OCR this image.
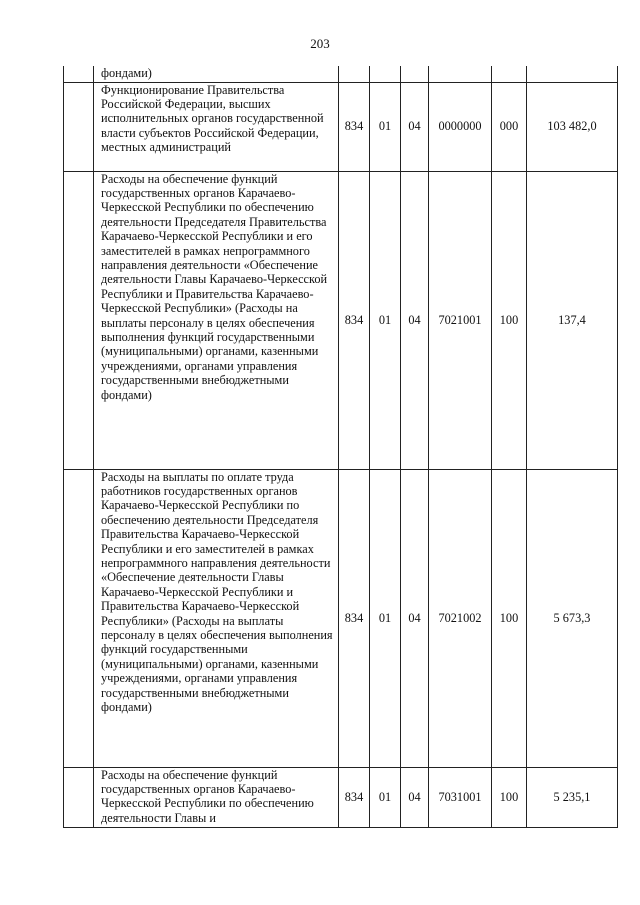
203
	фондами)						
	Функционирование Правительства Российской Федерации, высших исполнительных органов государственной власти субъектов Российской Федерации, местных администраций	834	01	04	0000000	000	103 482,0
	Расходы на обеспечение функций государственных органов Карачаево-Черкесской Республики по обеспечению деятельности Председателя Правительства Карачаево-Черкесской Республики и его заместителей в рамках непрограммного направления деятельности «Обеспечение деятельности Главы Карачаево-Черкесской Республики и Правительства Карачаево-Черкесской Республики» (Расходы на выплаты персоналу в целях обеспечения выполнения функций государственными (муниципальными) органами, казенными учреждениями, органами управления государственными внебюджетными фондами)	834	01	04	7021001	100	137,4
	Расходы на выплаты по оплате труда работников государственных органов Карачаево-Черкесской Республики по обеспечению деятельности Председателя Правительства Карачаево-Черкесской Республики и его заместителей в рамках непрограммного направления деятельности «Обеспечение деятельности Главы Карачаево-Черкесской Республики и Правительства Карачаево-Черкесской Республики» (Расходы на выплаты персоналу в целях обеспечения выполнения функций государственными (муниципальными) органами, казенными учреждениями, органами управления государственными внебюджетными фондами)	834	01	04	7021002	100	5 673,3
	Расходы на обеспечение функций государственных органов Карачаево-Черкесской Республики по обеспечению деятельности Главы и	834	01	04	7031001	100	5 235,1
